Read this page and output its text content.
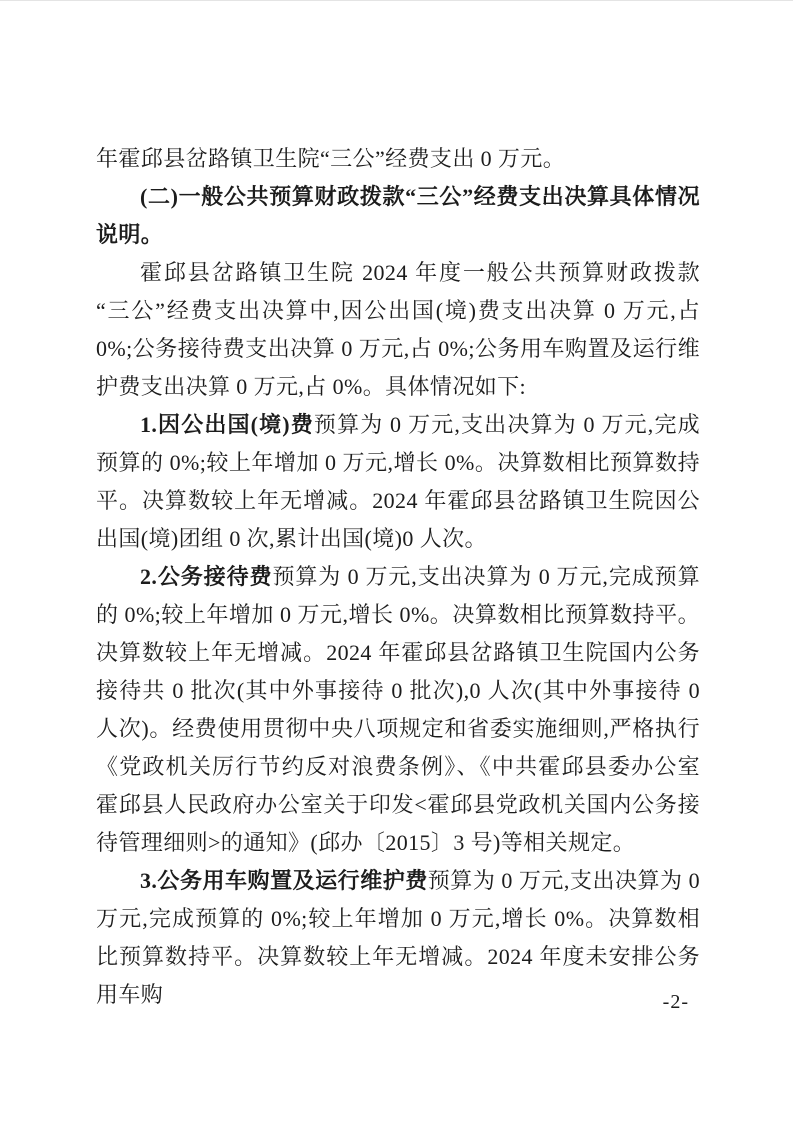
年霍邱县岔路镇卫生院“三公”经费支出 0 万元。

(二)一般公共预算财政拨款“三公”经费支出决算具体情况说明。

霍邱县岔路镇卫生院 2024 年度一般公共预算财政拨款“三公”经费支出决算中,因公出国(境)费支出决算 0 万元,占 0%;公务接待费支出决算 0 万元,占 0%;公务用车购置及运行维护费支出决算 0 万元,占 0%。具体情况如下:

1.因公出国(境)费预算为 0 万元,支出决算为 0 万元,完成预算的 0%;较上年增加 0 万元,增长 0%。决算数相比预算数持平。决算数较上年无增减。2024 年霍邱县岔路镇卫生院因公出国(境)团组 0 次,累计出国(境)0 人次。

2.公务接待费预算为 0 万元,支出决算为 0 万元,完成预算的 0%;较上年增加 0 万元,增长 0%。决算数相比预算数持平。决算数较上年无增减。2024 年霍邱县岔路镇卫生院国内公务接待共 0 批次(其中外事接待 0 批次),0 人次(其中外事接待 0 人次)。经费使用贯彻中央八项规定和省委实施细则,严格执行《党政机关厉行节约反对浪费条例》、《中共霍邱县委办公室　霍邱县人民政府办公室关于印发<霍邱县党政机关国内公务接待管理细则>的通知》(邱办〔2015〕3 号)等相关规定。

3.公务用车购置及运行维护费预算为 0 万元,支出决算为 0 万元,完成预算的 0%;较上年增加 0 万元,增长 0%。决算数相比预算数持平。决算数较上年无增减。2024 年度未安排公务用车购	-2-
